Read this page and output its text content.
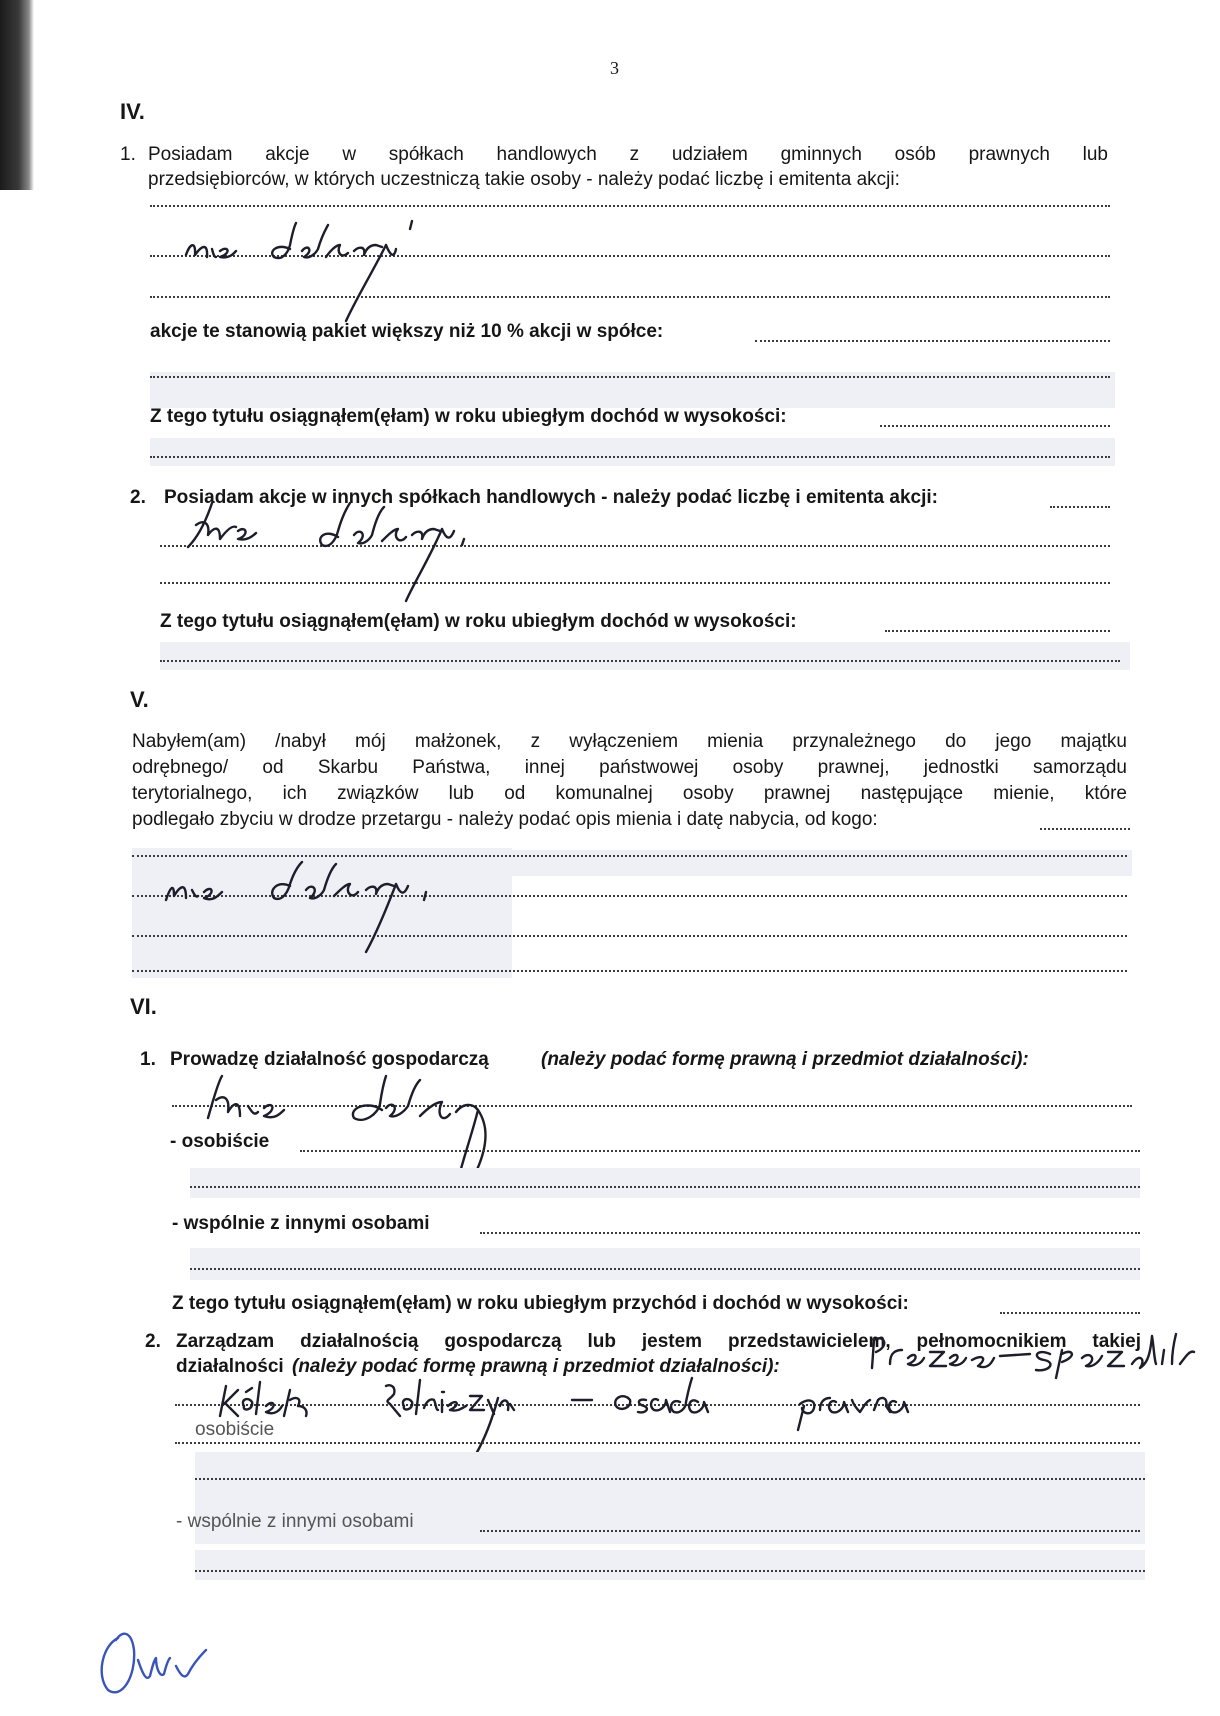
3
IV.
1. Posiadam akcje w spółkach handlowych z udziałem gminnych osób prawnych lub
przedsiębiorców, w których uczestniczą takie osoby - należy podać liczbę i emitenta akcji:
akcje te stanowią pakiet większy niż 10 % akcji w spółce:
Z tego tytułu osiągnąłem(ęłam) w roku ubiegłym dochód w wysokości:
2. Posiadam akcje w innych spółkach handlowych - należy podać liczbę i emitenta akcji:
Z tego tytułu osiągnąłem(ęłam) w roku ubiegłym dochód w wysokości:
V.
Nabyłem(am) /nabył mój małżonek, z wyłączeniem mienia przynależnego do jego majątku
odrębnego/ od Skarbu Państwa, innej państwowej osoby prawnej, jednostki samorządu
terytorialnego, ich związków lub od komunalnej osoby prawnej następujące mienie, które
podlegało zbyciu w drodze przetargu - należy podać opis mienia i datę nabycia, od kogo:
VI.
1. Prowadzę działalność gospodarczą	(należy podać formę prawną i przedmiot działalności):
- osobiście
- wspólnie z innymi osobami
Z tego tytułu osiągnąłem(ęłam) w roku ubiegłym przychód i dochód w wysokości:
2. Zarządzam działalnością gospodarczą lub jestem przedstawicielem, pełnomocnikiem takiej
działalności (należy podać formę prawną i przedmiot działalności):
osobiście
- wspólnie z innymi osobami
